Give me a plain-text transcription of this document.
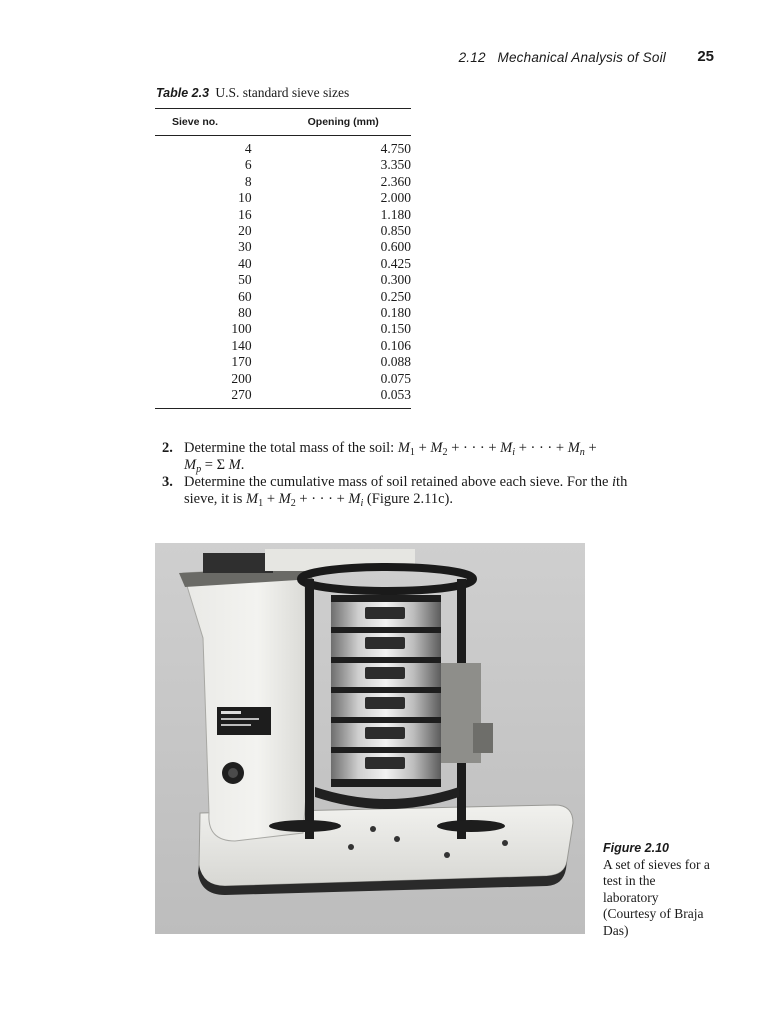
2.12   Mechanical Analysis of Soil 25
Table 2.3 U.S. standard sieve sizes
Sieve no.	Opening (mm)
4	4.750
6	3.350
8	2.360
10	2.000
16	1.180
20	0.850
30	0.600
40	0.425
50	0.300
60	0.250
80	0.180
100	0.150
140	0.106
170	0.088
200	0.075
270	0.053

2. Determine the total mass of the soil: $M_1 + M_2$ + · · · + $M_i$ + · · · + $M_n$ +
$M_p = \Sigma$ M.

3. Determine the cumulative mass of soil retained above each sieve. For the ith
sieve, it is $M_1 + M_2$ + · · · + $M_i$ (Figure 2.11c).

Figure 2.10
A set of sieves for a test in the laboratory (Courtesy of Braja Das)
